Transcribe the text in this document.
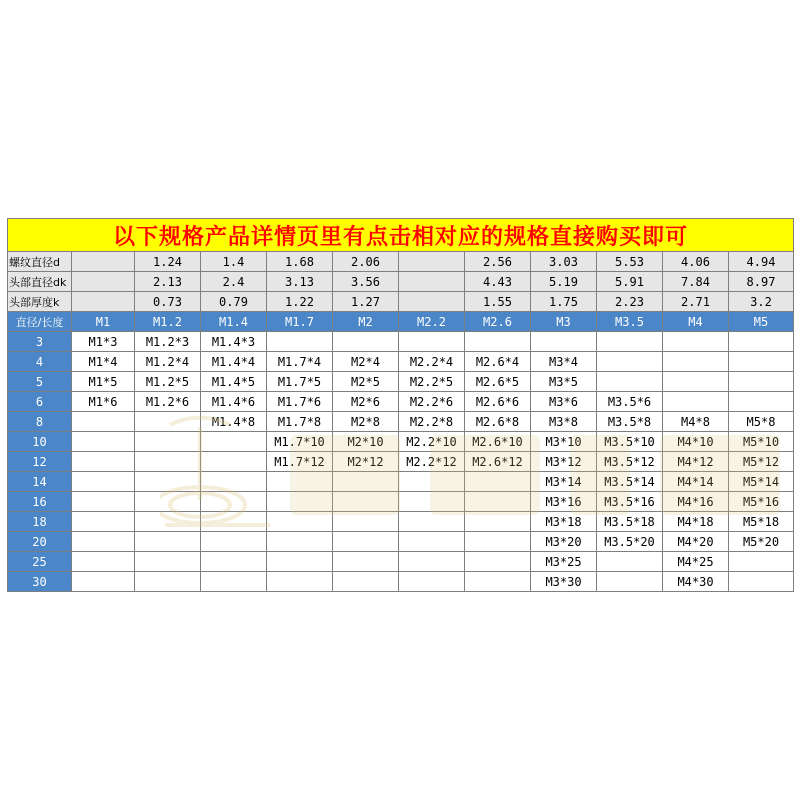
以下规格产品详情页里有点击相对应的规格直接购买即可											
螺纹直径d		1.24	1.4	1.68	2.06		2.56	3.03	5.53	4.06	4.94
头部直径dk		2.13	2.4	3.13	3.56		4.43	5.19	5.91	7.84	8.97
头部厚度k		0.73	0.79	1.22	1.27		1.55	1.75	2.23	2.71	3.2
直径/长度	M1	M1.2	M1.4	M1.7	M2	M2.2	M2.6	M3	M3.5	M4	M5
3	M1*3	M1.2*3	M1.4*3								
4	M1*4	M1.2*4	M1.4*4	M1.7*4	M2*4	M2.2*4	M2.6*4	M3*4			
5	M1*5	M1.2*5	M1.4*5	M1.7*5	M2*5	M2.2*5	M2.6*5	M3*5			
6	M1*6	M1.2*6	M1.4*6	M1.7*6	M2*6	M2.2*6	M2.6*6	M3*6	M3.5*6		
8			M1.4*8	M1.7*8	M2*8	M2.2*8	M2.6*8	M3*8	M3.5*8	M4*8	M5*8
10				M1.7*10	M2*10	M2.2*10	M2.6*10	M3*10	M3.5*10	M4*10	M5*10
12				M1.7*12	M2*12	M2.2*12	M2.6*12	M3*12	M3.5*12	M4*12	M5*12
14								M3*14	M3.5*14	M4*14	M5*14
16								M3*16	M3.5*16	M4*16	M5*16
18								M3*18	M3.5*18	M4*18	M5*18
20								M3*20	M3.5*20	M4*20	M5*20
25								M3*25		M4*25	
30								M3*30		M4*30	
